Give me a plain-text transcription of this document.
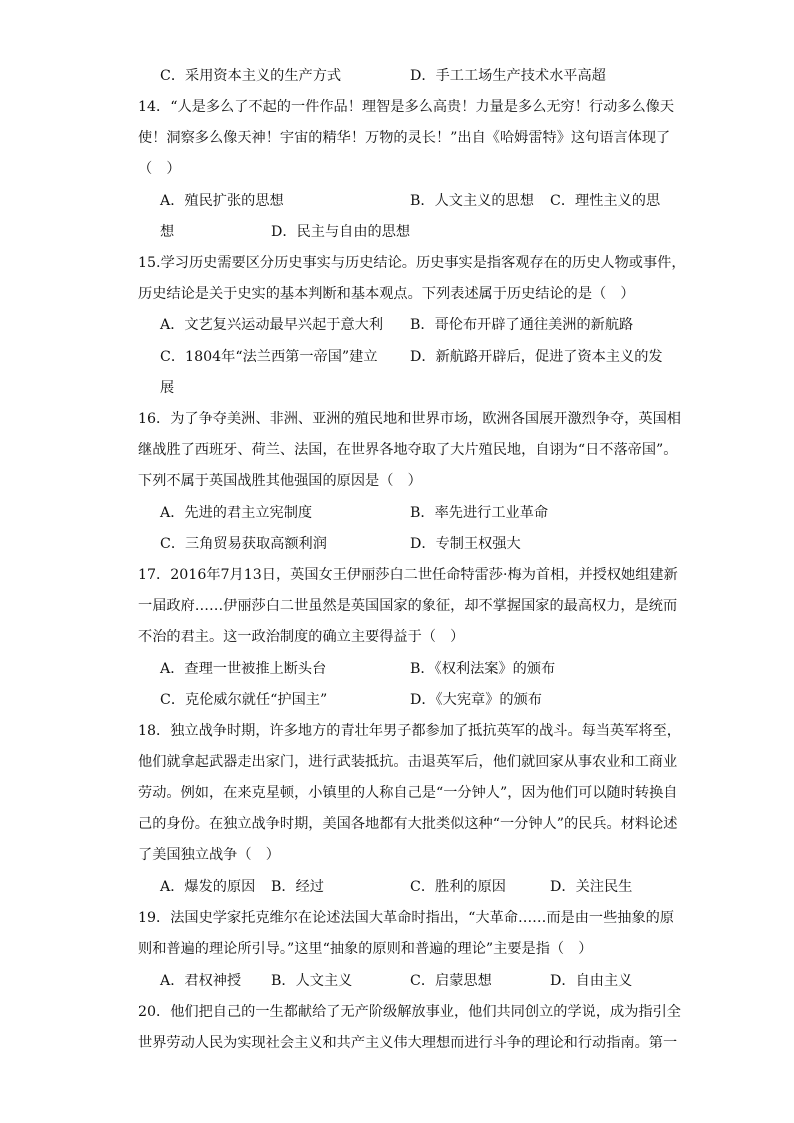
C．采用资本主义的生产方式	D．手工工场生产技术水平高超
14．“人是多么了不起的一件作品！理智是多么高贵！力量是多么无穷！行动多么像天
使！洞察多么像天神！宇宙的精华！万物的灵长！”出自《哈姆雷特》这句语言体现了
（　）
A．殖民扩张的思想	B．人文主义的思想 C．理性主义的思
想	D．民主与自由的思想
15.学习历史需要区分历史事实与历史结论。历史事实是指客观存在的历史人物或事件，
历史结论是关于史实的基本判断和基本观点。下列表述属于历史结论的是（　）
A．文艺复兴运动最早兴起于意大利 B．哥伦布开辟了通往美洲的新航路
C．1804年“法兰西第一帝国”建立 D．新航路开辟后，促进了资本主义的发
展
16．为了争夺美洲、非洲、亚洲的殖民地和世界市场，欧洲各国展开激烈争夺，英国相
继战胜了西班牙、荷兰、法国，在世界各地夺取了大片殖民地，自诩为“日不落帝国”。
下列不属于英国战胜其他强国的原因是（　）
A．先进的君主立宪制度	B．率先进行工业革命
C．三角贸易获取高额利润	D．专制王权强大
17．2016年7月13日，英国女王伊丽莎白二世任命特雷莎·梅为首相，并授权她组建新
一届政府……伊丽莎白二世虽然是英国国家的象征，却不掌握国家的最高权力，是统而
不治的君主。这一政治制度的确立主要得益于（　）
A．查理一世被推上断头台	B．《权利法案》的颁布
C．克伦威尔就任“护国主”	D．《大宪章》的颁布
18．独立战争时期，许多地方的青壮年男子都参加了抵抗英军的战斗。每当英军将至，
他们就拿起武器走出家门，进行武装抵抗。击退英军后，他们就回家从事农业和工商业
劳动。例如，在来克星顿，小镇里的人称自己是“一分钟人”，因为他们可以随时转换自
己的身份。在独立战争时期，美国各地都有大批类似这种“一分钟人”的民兵。材料论述
了美国独立战争（　）
A．爆发的原因 B．经过	C．胜利的原因	D．关注民生
19．法国史学家托克维尔在论述法国大革命时指出，“大革命……而是由一些抽象的原
则和普遍的理论所引导。”这里“抽象的原则和普遍的理论”主要是指（　）
A．君权神授 B．人文主义	C．启蒙思想	D．自由主义
20．他们把自己的一生都献给了无产阶级解放事业，他们共同创立的学说，成为指引全
世界劳动人民为实现社会主义和共产主义伟大理想而进行斗争的理论和行动指南。第一
